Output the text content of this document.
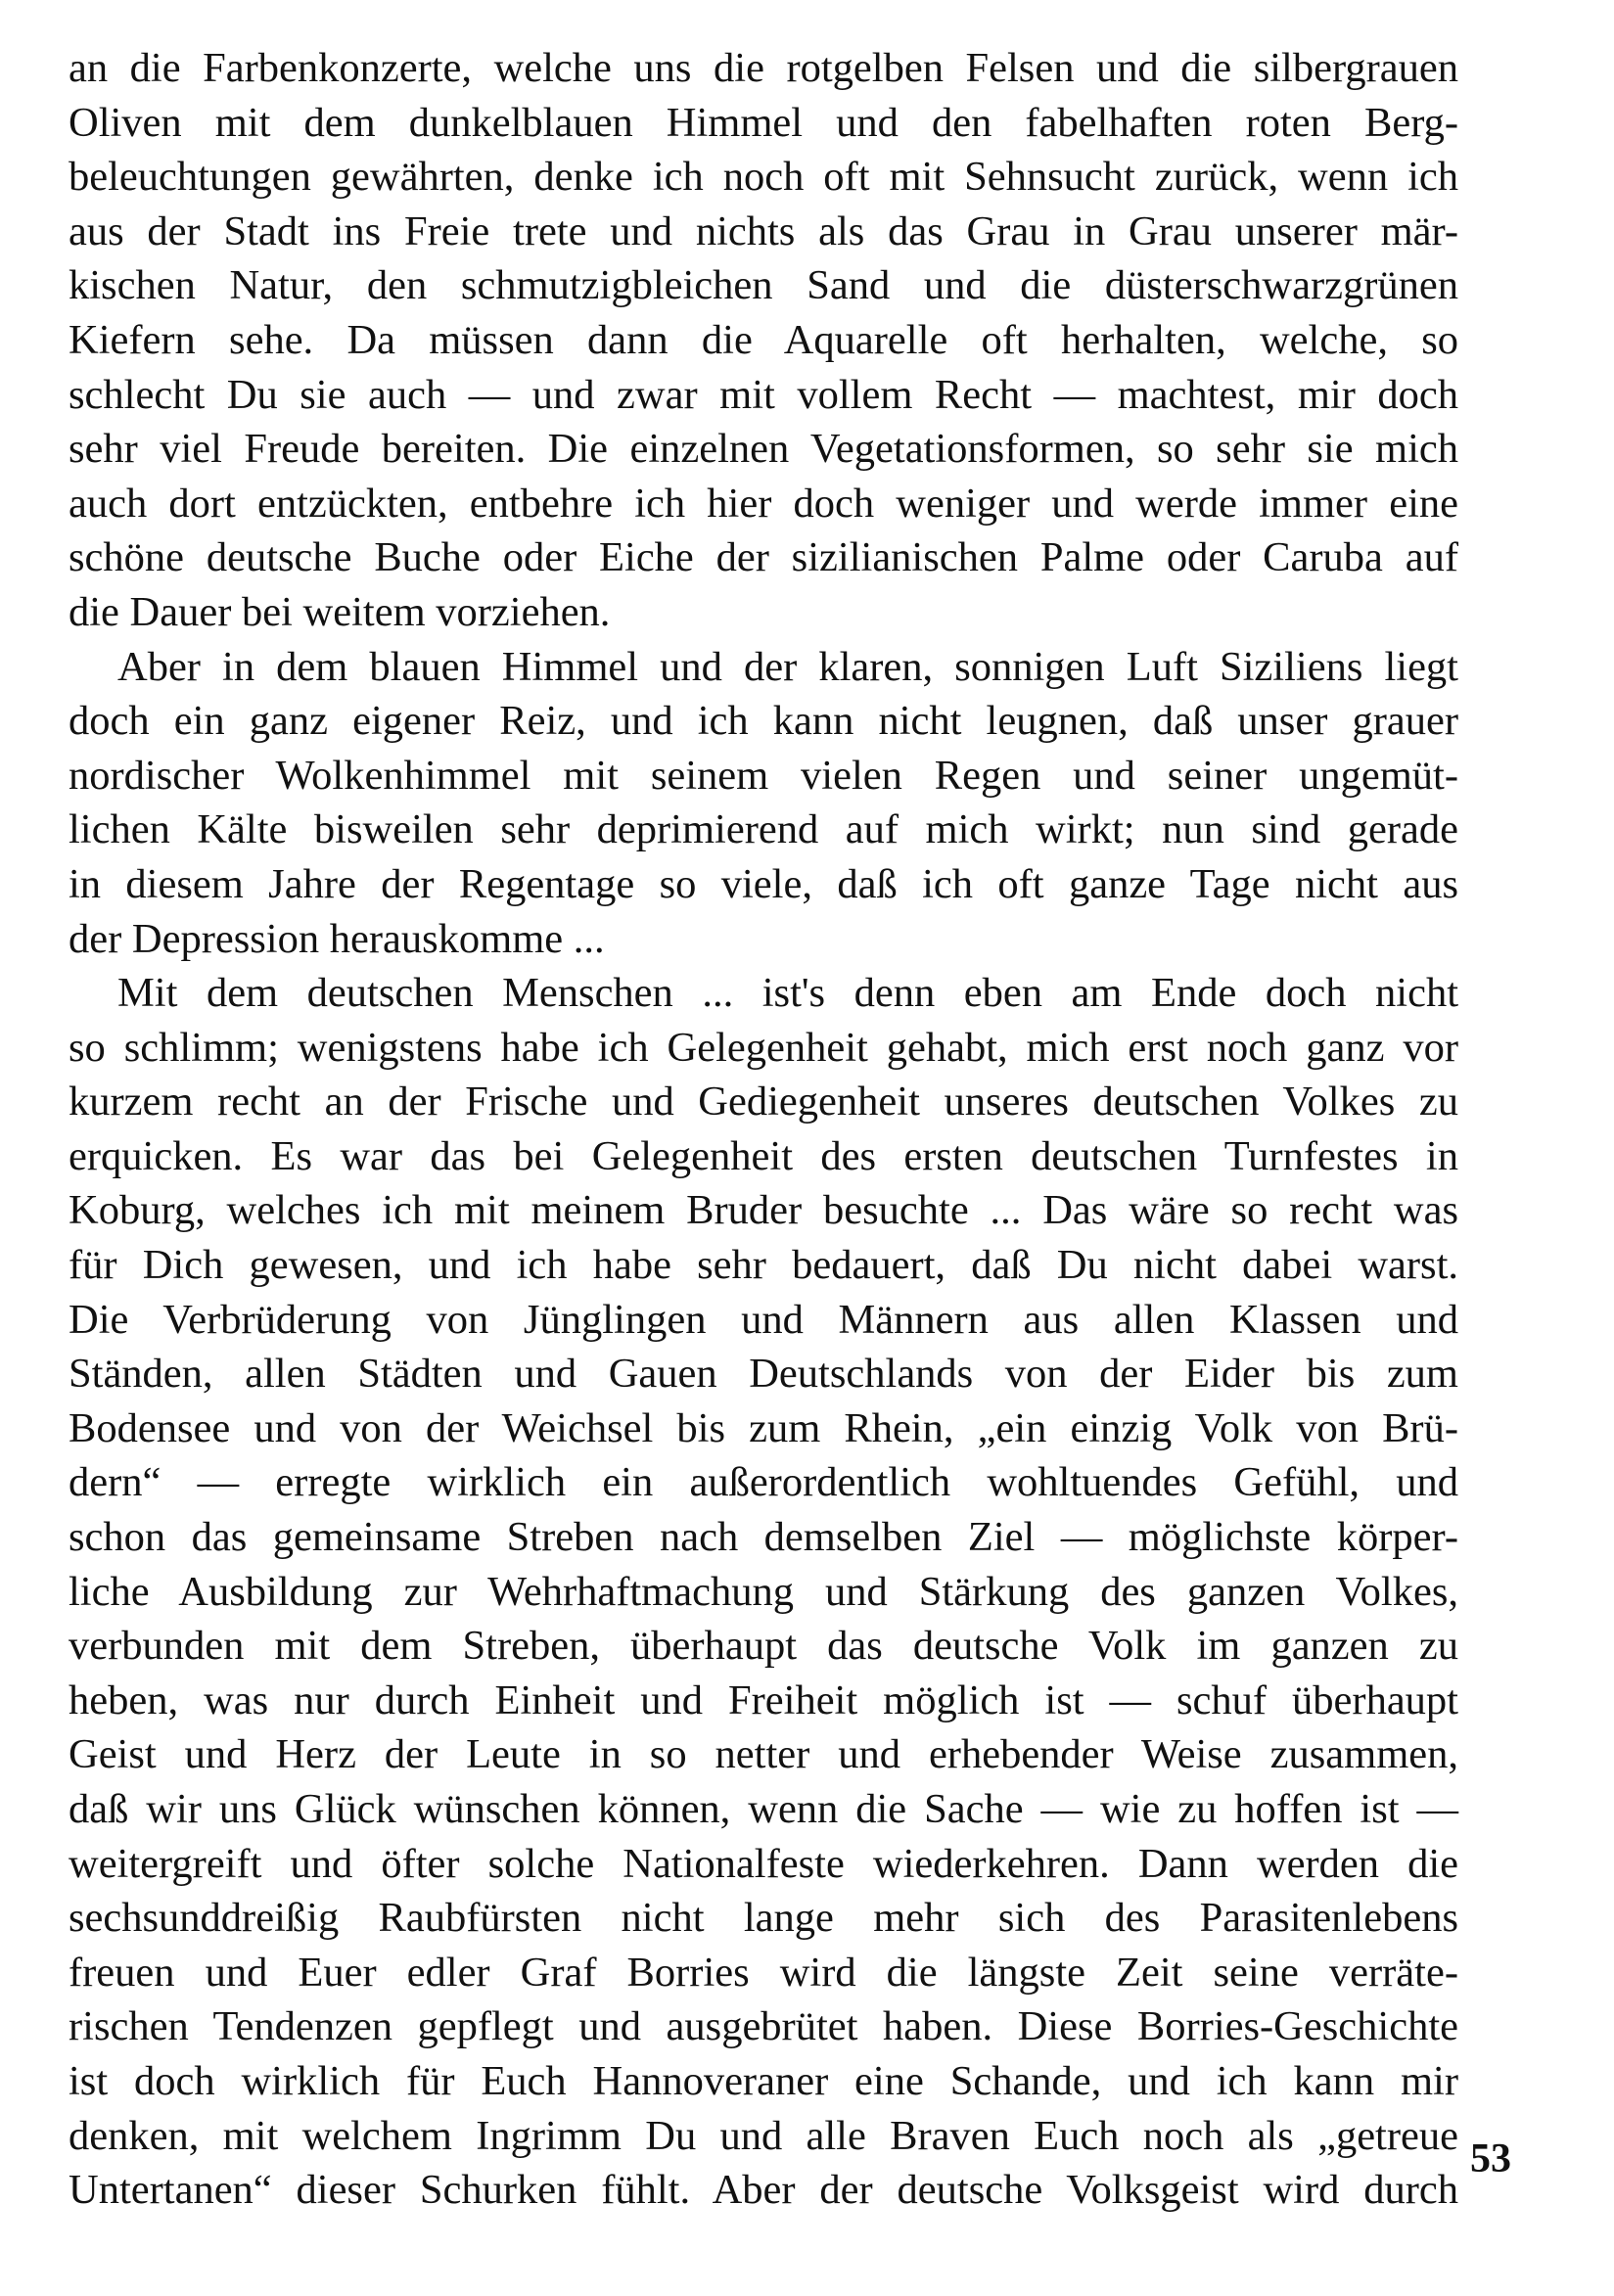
an die Farbenkonzerte, welche uns die rotgelben Felsen und die silbergrauen
Oliven mit dem dunkelblauen Himmel und den fabelhaften roten Berg-
beleuchtungen gewährten, denke ich noch oft mit Sehnsucht zurück, wenn ich
aus der Stadt ins Freie trete und nichts als das Grau in Grau unserer mär-
kischen Natur, den schmutzigbleichen Sand und die düsterschwarzgrünen
Kiefern sehe. Da müssen dann die Aquarelle oft herhalten, welche, so
schlecht Du sie auch — und zwar mit vollem Recht — machtest, mir doch
sehr viel Freude bereiten. Die einzelnen Vegetationsformen, so sehr sie mich
auch dort entzückten, entbehre ich hier doch weniger und werde immer eine
schöne deutsche Buche oder Eiche der sizilianischen Palme oder Caruba auf
die Dauer bei weitem vorziehen.
Aber in dem blauen Himmel und der klaren, sonnigen Luft Siziliens liegt
doch ein ganz eigener Reiz, und ich kann nicht leugnen, daß unser grauer
nordischer Wolkenhimmel mit seinem vielen Regen und seiner ungemüt-
lichen Kälte bisweilen sehr deprimierend auf mich wirkt; nun sind gerade
in diesem Jahre der Regentage so viele, daß ich oft ganze Tage nicht aus
der Depression herauskomme ...
Mit dem deutschen Menschen ... ist's denn eben am Ende doch nicht
so schlimm; wenigstens habe ich Gelegenheit gehabt, mich erst noch ganz vor
kurzem recht an der Frische und Gediegenheit unseres deutschen Volkes zu
erquicken. Es war das bei Gelegenheit des ersten deutschen Turnfestes in
Koburg, welches ich mit meinem Bruder besuchte ... Das wäre so recht was
für Dich gewesen, und ich habe sehr bedauert, daß Du nicht dabei warst.
Die Verbrüderung von Jünglingen und Männern aus allen Klassen und
Ständen, allen Städten und Gauen Deutschlands von der Eider bis zum
Bodensee und von der Weichsel bis zum Rhein, „ein einzig Volk von Brü-
dern“ — erregte wirklich ein außerordentlich wohltuendes Gefühl, und
schon das gemeinsame Streben nach demselben Ziel — möglichste körper-
liche Ausbildung zur Wehrhaftmachung und Stärkung des ganzen Volkes,
verbunden mit dem Streben, überhaupt das deutsche Volk im ganzen zu
heben, was nur durch Einheit und Freiheit möglich ist — schuf überhaupt
Geist und Herz der Leute in so netter und erhebender Weise zusammen,
daß wir uns Glück wünschen können, wenn die Sache — wie zu hoffen ist —
weitergreift und öfter solche Nationalfeste wiederkehren. Dann werden die
sechsunddreißig Raubfürsten nicht lange mehr sich des Parasitenlebens
freuen und Euer edler Graf Borries wird die längste Zeit seine verräte-
rischen Tendenzen gepflegt und ausgebrütet haben. Diese Borries-Geschichte
ist doch wirklich für Euch Hannoveraner eine Schande, und ich kann mir
denken, mit welchem Ingrimm Du und alle Braven Euch noch als „getreue
Untertanen“ dieser Schurken fühlt. Aber der deutsche Volksgeist wird durch
53
